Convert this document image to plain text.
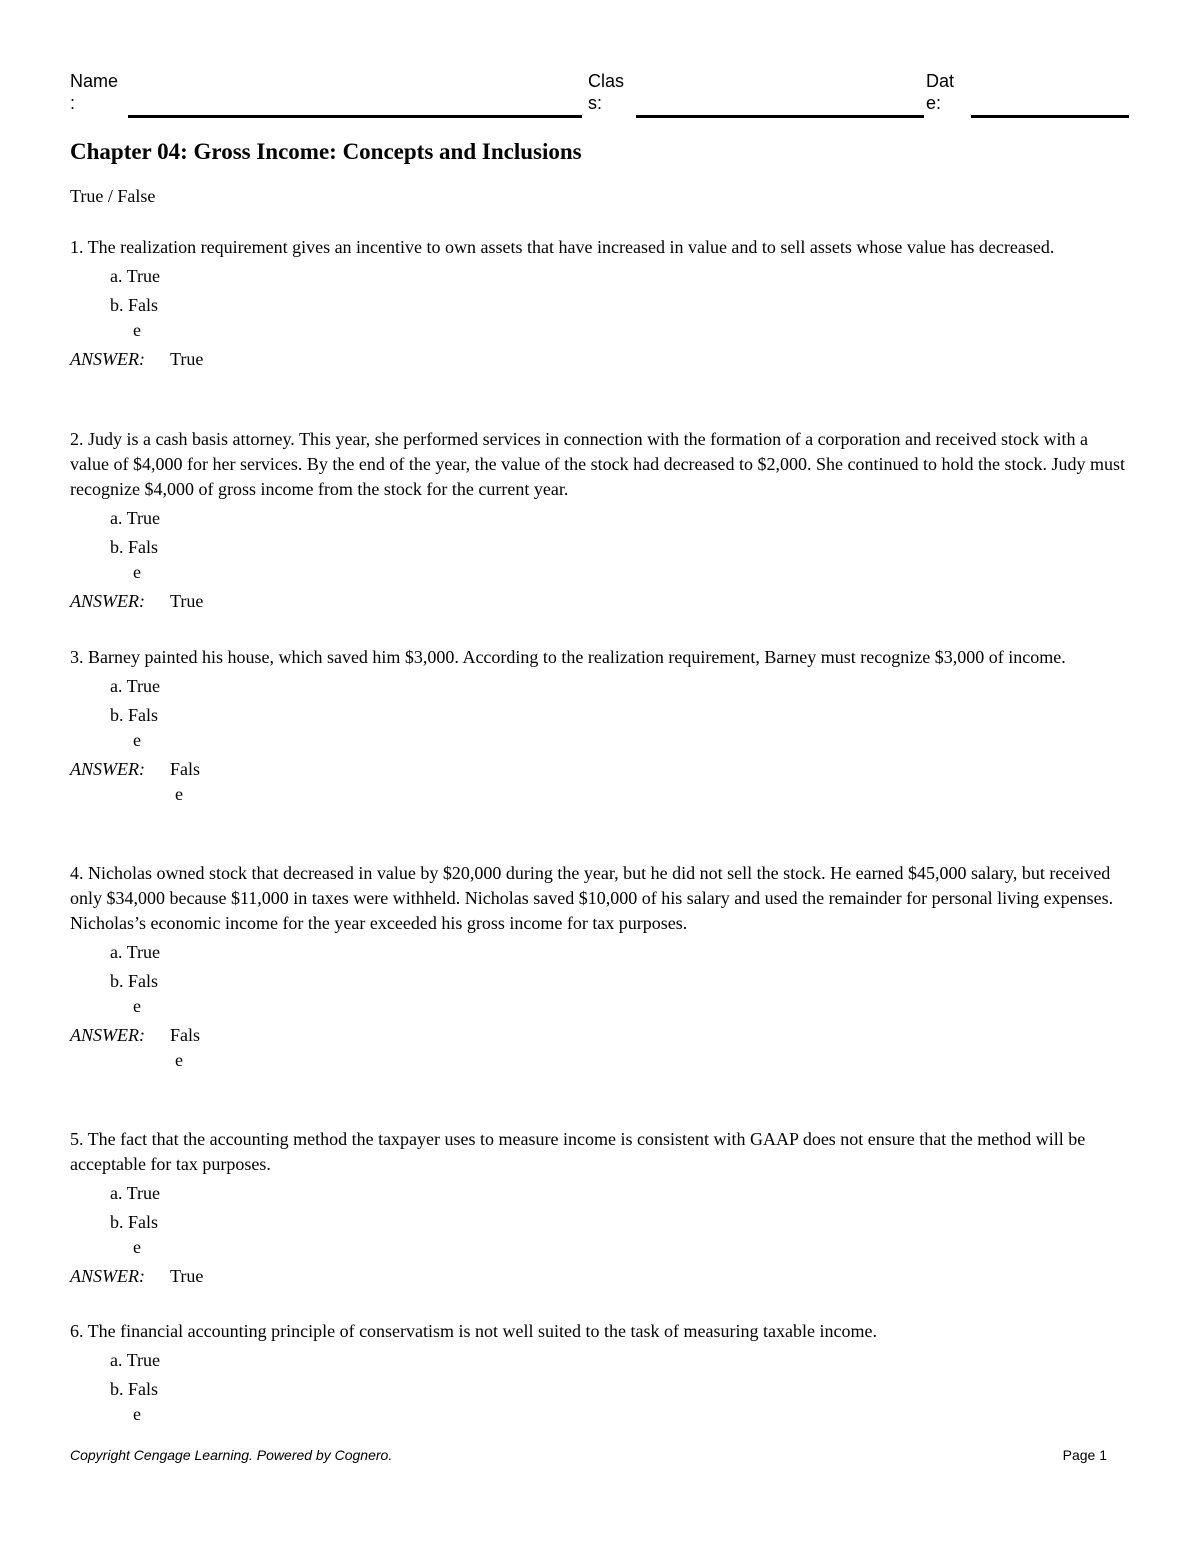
Name
:
Clas
s:
Dat
e:
Chapter 04: Gross Income: Concepts and Inclusions
True / False
1. The realization requirement gives an incentive to own assets that have increased in value and to sell assets whose value has decreased.
a. True
b. Fals
e
ANSWER: True
2. Judy is a cash basis attorney. This year, she performed services in connection with the formation of a corporation and received stock with a value of $4,000 for her services. By the end of the year, the value of the stock had decreased to $2,000. She continued to hold the stock. Judy must recognize $4,000 of gross income from the stock for the current year.
a. True
b. Fals
e
ANSWER: True
3. Barney painted his house, which saved him $3,000. According to the realization requirement, Barney must recognize $3,000 of income.
a. True
b. Fals
e
ANSWER: Fals
e
4. Nicholas owned stock that decreased in value by $20,000 during the year, but he did not sell the stock. He earned $45,000 salary, but received only $34,000 because $11,000 in taxes were withheld. Nicholas saved $10,000 of his salary and used the remainder for personal living expenses. Nicholas’s economic income for the year exceeded his gross income for tax purposes.
a. True
b. Fals
e
ANSWER: Fals
e
5. The fact that the accounting method the taxpayer uses to measure income is consistent with GAAP does not ensure that the method will be acceptable for tax purposes.
a. True
b. Fals
e
ANSWER: True
6. The financial accounting principle of conservatism is not well suited to the task of measuring taxable income.
a. True
b. Fals
e
Copyright Cengage Learning. Powered by Cognero.	Page 1
